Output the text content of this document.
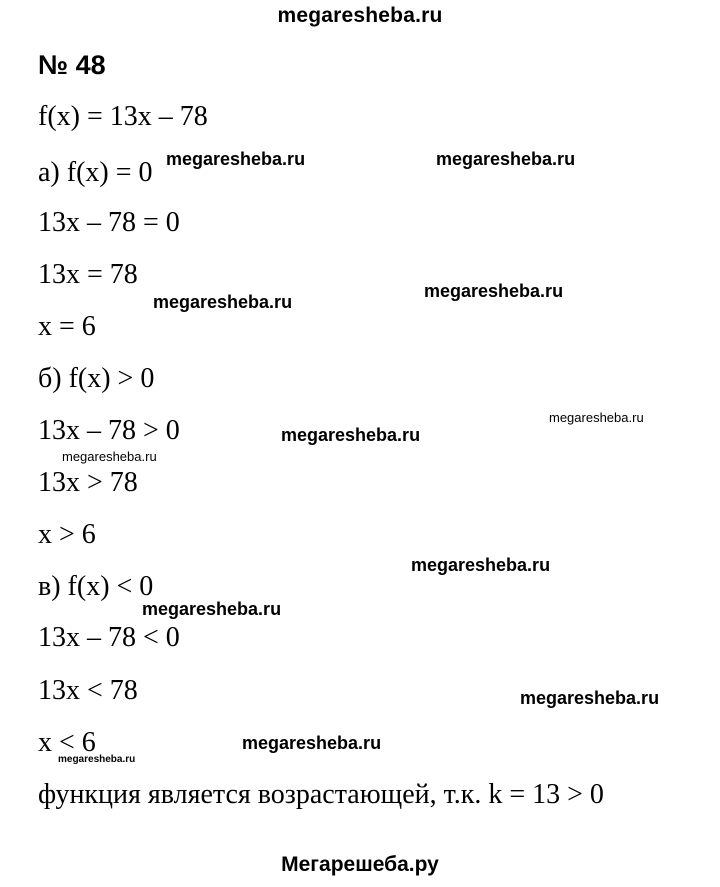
megaresheba.ru
№ 48
f(x) = 13x – 78
а) f(x) = 0
13x – 78 = 0
13x = 78
x = 6
б) f(x) > 0
13x – 78 > 0
13x > 78
x > 6
в) f(x) < 0
13x – 78 < 0
13x < 78
x < 6
функция является возрастающей, т.к. k = 13 > 0
megaresheba.ru	megaresheba.ru
megaresheba.ru
megaresheba.ru
megaresheba.ru
megaresheba.ru
megaresheba.ru
megaresheba.ru
megaresheba.ru
megaresheba.ru
megaresheba.ru
megaresheba.ru
Мегарешеба.ру
